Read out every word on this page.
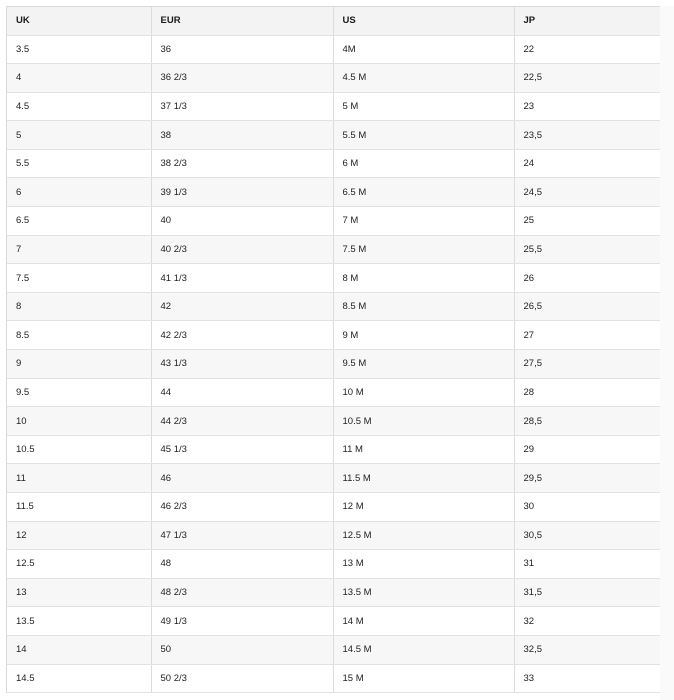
UK	EUR	US	JP
3.5	36	4M	22
4	36 2/3	4.5 M	22,5
4.5	37 1/3	5 M	23
5	38	5.5 M	23,5
5.5	38 2/3	6 M	24
6	39 1/3	6.5 M	24,5
6.5	40	7 M	25
7	40 2/3	7.5 M	25,5
7.5	41 1/3	8 M	26
8	42	8.5 M	26,5
8.5	42 2/3	9 M	27
9	43 1/3	9.5 M	27,5
9.5	44	10 M	28
10	44 2/3	10.5 M	28,5
10.5	45 1/3	11 M	29
11	46	11.5 M	29,5
11.5	46 2/3	12 M	30
12	47 1/3	12.5 M	30,5
12.5	48	13 M	31
13	48 2/3	13.5 M	31,5
13.5	49 1/3	14 M	32
14	50	14.5 M	32,5
14.5	50 2/3	15 M	33
